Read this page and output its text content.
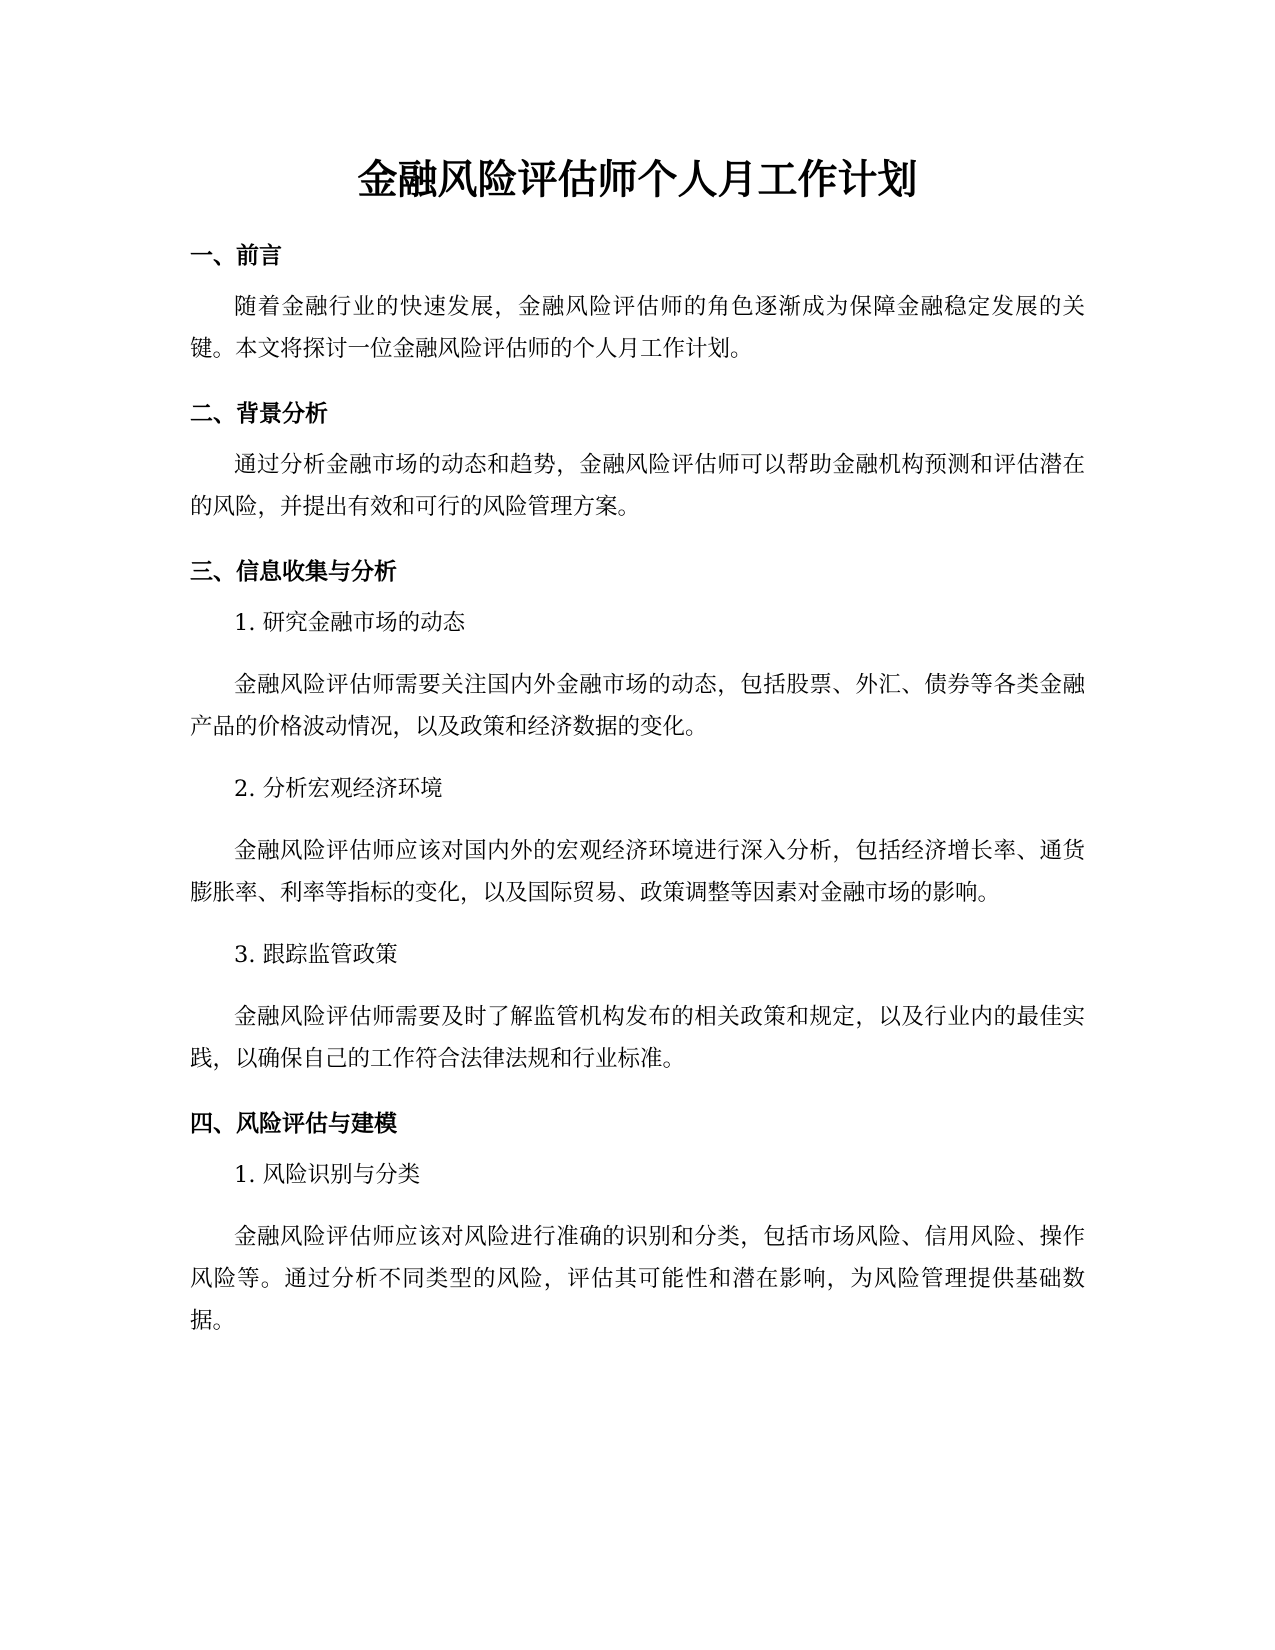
金融风险评估师个人月工作计划
一、前言

随着金融行业的快速发展，金融风险评估师的角色逐渐成为保障金融稳定发展的关键。本文将探讨一位金融风险评估师的个人月工作计划。

二、背景分析

通过分析金融市场的动态和趋势，金融风险评估师可以帮助金融机构预测和评估潜在的风险，并提出有效和可行的风险管理方案。

三、信息收集与分析

1. 研究金融市场的动态

金融风险评估师需要关注国内外金融市场的动态，包括股票、外汇、债券等各类金融产品的价格波动情况，以及政策和经济数据的变化。

2. 分析宏观经济环境

金融风险评估师应该对国内外的宏观经济环境进行深入分析，包括经济增长率、通货膨胀率、利率等指标的变化，以及国际贸易、政策调整等因素对金融市场的影响。

3. 跟踪监管政策

金融风险评估师需要及时了解监管机构发布的相关政策和规定，以及行业内的最佳实践，以确保自己的工作符合法律法规和行业标准。

四、风险评估与建模

1. 风险识别与分类

金融风险评估师应该对风险进行准确的识别和分类，包括市场风险、信用风险、操作风险等。通过分析不同类型的风险，评估其可能性和潜在影响，为风险管理提供基础数据。
